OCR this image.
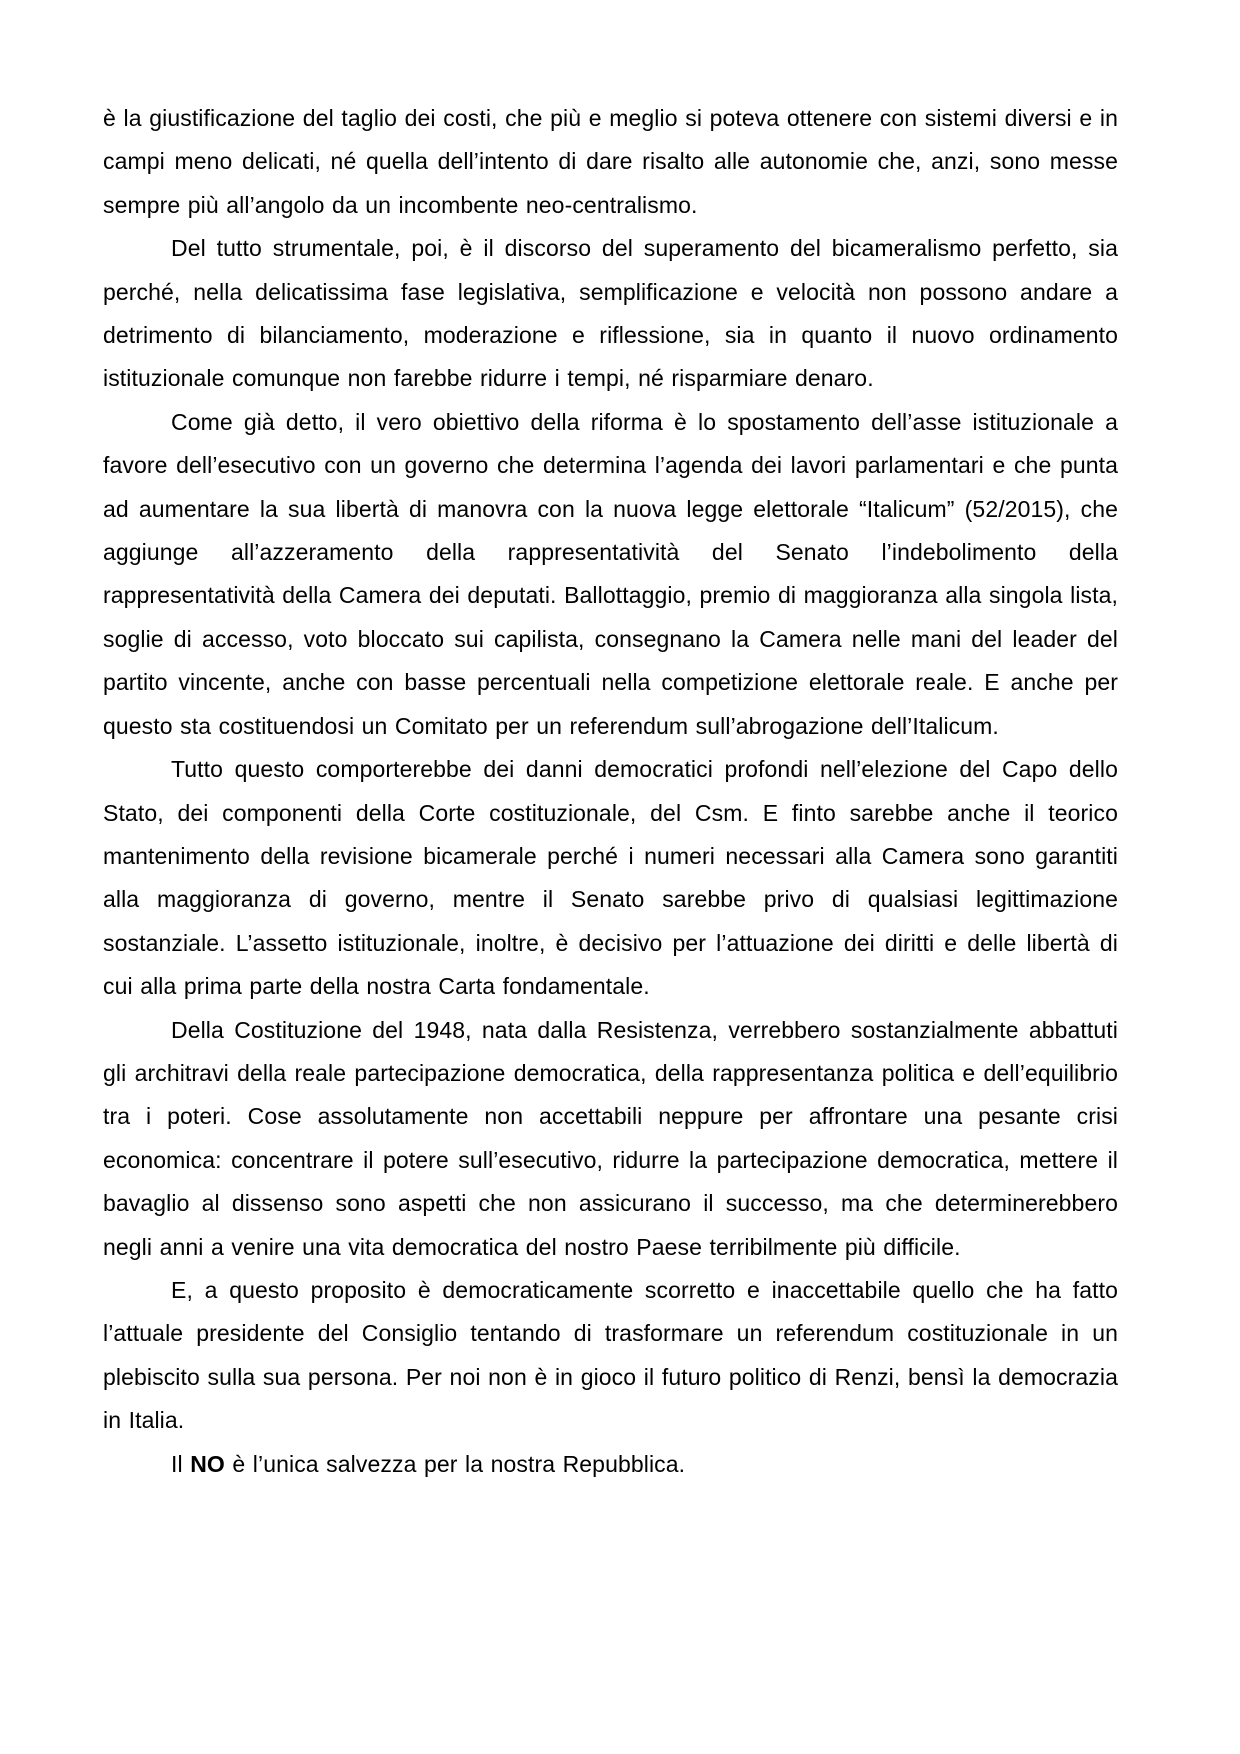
è la giustificazione del taglio dei costi, che più e meglio si poteva ottenere con sistemi diversi e in campi meno delicati, né quella dell’intento di dare risalto alle autonomie che, anzi, sono messe sempre più all’angolo da un incombente neo-centralismo.

Del tutto strumentale, poi, è il discorso del superamento del bicameralismo perfetto, sia perché, nella delicatissima fase legislativa, semplificazione e velocità non possono andare a detrimento di bilanciamento, moderazione e riflessione, sia in quanto il nuovo ordinamento istituzionale comunque non farebbe ridurre i tempi, né risparmiare denaro.

Come già detto, il vero obiettivo della riforma è lo spostamento dell’asse istituzionale a favore dell’esecutivo con un governo che determina l’agenda dei lavori parlamentari e che punta ad aumentare la sua libertà di manovra con la nuova legge elettorale “Italicum” (52/2015), che aggiunge all’azzeramento della rappresentatività del Senato l’indebolimento della rappresentatività della Camera dei deputati. Ballottaggio, premio di maggioranza alla singola lista, soglie di accesso, voto bloccato sui capilista, consegnano la Camera nelle mani del leader del partito vincente, anche con basse percentuali nella competizione elettorale reale. E anche per questo sta costituendosi un Comitato per un referendum sull’abrogazione dell’Italicum.

Tutto questo comporterebbe dei danni democratici profondi nell’elezione del Capo dello Stato, dei componenti della Corte costituzionale, del Csm. E finto sarebbe anche il teorico mantenimento della revisione bicamerale perché i numeri necessari alla Camera sono garantiti alla maggioranza di governo, mentre il Senato sarebbe privo di qualsiasi legittimazione sostanziale. L’assetto istituzionale, inoltre, è decisivo per l’attuazione dei diritti e delle libertà di cui alla prima parte della nostra Carta fondamentale.

Della Costituzione del 1948, nata dalla Resistenza, verrebbero sostanzialmente abbattuti gli architravi della reale partecipazione democratica, della rappresentanza politica e dell’equilibrio tra i poteri. Cose assolutamente non accettabili neppure per affrontare una pesante crisi economica: concentrare il potere sull’esecutivo, ridurre la partecipazione democratica, mettere il bavaglio al dissenso sono aspetti che non assicurano il successo, ma che determinerebbero negli anni a venire una vita democratica del nostro Paese terribilmente più difficile.

E, a questo proposito è democraticamente scorretto e inaccettabile quello che ha fatto l’attuale presidente del Consiglio tentando di trasformare un referendum costituzionale in un plebiscito sulla sua persona. Per noi non è in gioco il futuro politico di Renzi, bensì la democrazia in Italia.

Il NO è l’unica salvezza per la nostra Repubblica.
